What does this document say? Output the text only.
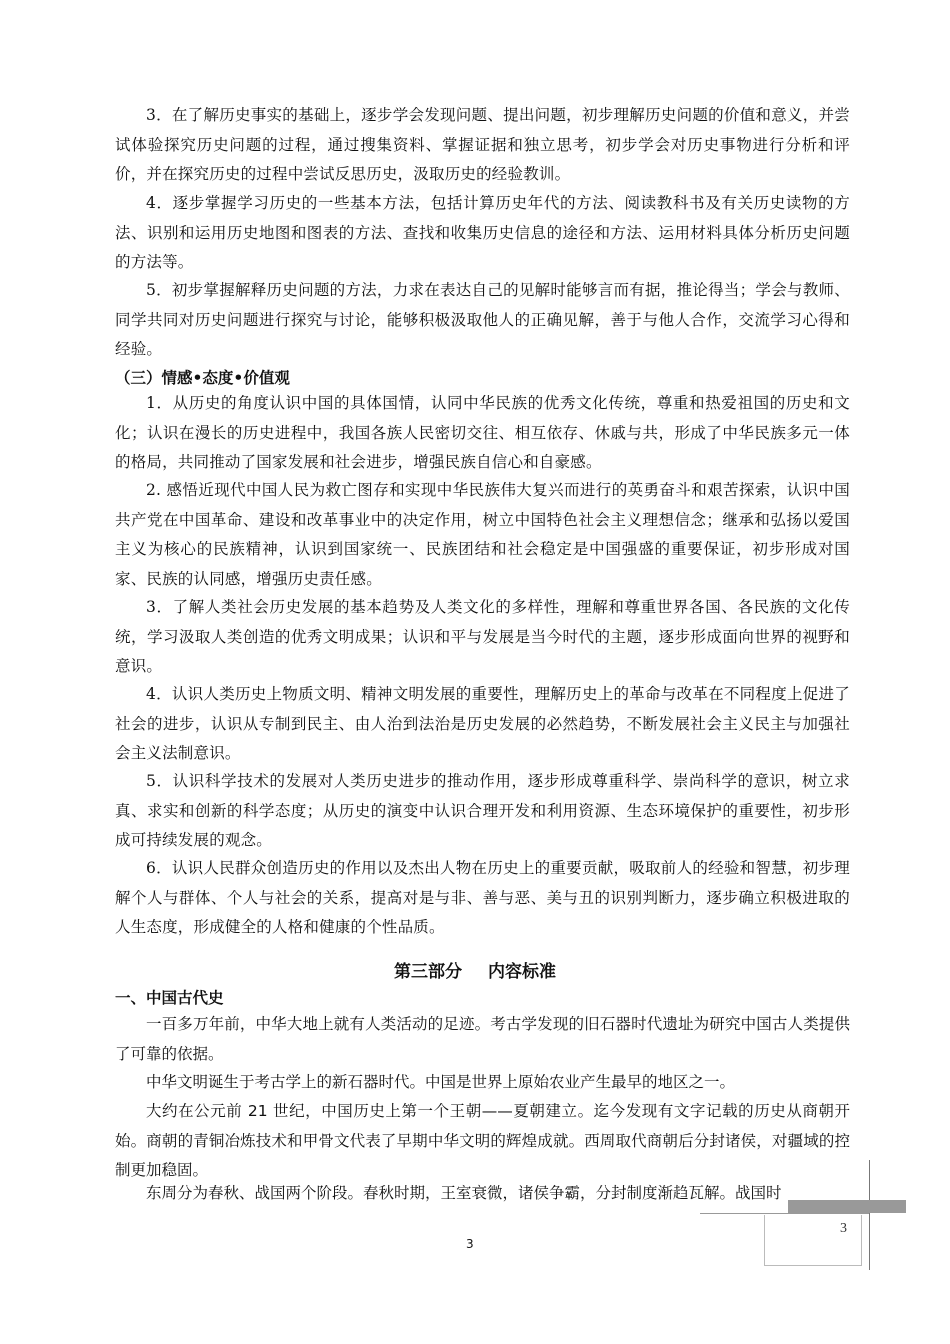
3．在了解历史事实的基础上，逐步学会发现问题、提出问题，初步理解历史问题的价值和意义，并尝试体验探究历史问题的过程，通过搜集资料、掌握证据和独立思考，初步学会对历史事物进行分析和评价，并在探究历史的过程中尝试反思历史，汲取历史的经验教训。

4．逐步掌握学习历史的一些基本方法，包括计算历史年代的方法、阅读教科书及有关历史读物的方法、识别和运用历史地图和图表的方法、查找和收集历史信息的途径和方法、运用材料具体分析历史问题的方法等。

5．初步掌握解释历史问题的方法，力求在表达自己的见解时能够言而有据，推论得当；学会与教师、同学共同对历史问题进行探究与讨论，能够积极汲取他人的正确见解，善于与他人合作，交流学习心得和经验。

（三）情感•态度•价值观

1．从历史的角度认识中国的具体国情，认同中华民族的优秀文化传统，尊重和热爱祖国的历史和文化；认识在漫长的历史进程中，我国各族人民密切交往、相互依存、休戚与共，形成了中华民族多元一体的格局，共同推动了国家发展和社会进步，增强民族自信心和自豪感。

2. 感悟近现代中国人民为救亡图存和实现中华民族伟大复兴而进行的英勇奋斗和艰苦探索，认识中国共产党在中国革命、建设和改革事业中的决定作用，树立中国特色社会主义理想信念；继承和弘扬以爱国主义为核心的民族精神，认识到国家统一、民族团结和社会稳定是中国强盛的重要保证，初步形成对国家、民族的认同感，增强历史责任感。

3．了解人类社会历史发展的基本趋势及人类文化的多样性，理解和尊重世界各国、各民族的文化传统，学习汲取人类创造的优秀文明成果；认识和平与发展是当今时代的主题，逐步形成面向世界的视野和意识。

4．认识人类历史上物质文明、精神文明发展的重要性，理解历史上的革命与改革在不同程度上促进了社会的进步，认识从专制到民主、由人治到法治是历史发展的必然趋势，不断发展社会主义民主与加强社会主义法制意识。

5．认识科学技术的发展对人类历史进步的推动作用，逐步形成尊重科学、崇尚科学的意识，树立求真、求实和创新的科学态度；从历史的演变中认识合理开发和利用资源、生态环境保护的重要性，初步形成可持续发展的观念。

6．认识人民群众创造历史的作用以及杰出人物在历史上的重要贡献，吸取前人的经验和智慧，初步理解个人与群体、个人与社会的关系，提高对是与非、善与恶、美与丑的识别判断力，逐步确立积极进取的人生态度，形成健全的人格和健康的个性品质。

第三部分 内容标准

一、中国古代史

一百多万年前，中华大地上就有人类活动的足迹。考古学发现的旧石器时代遗址为研究中国古人类提供了可靠的依据。

中华文明诞生于考古学上的新石器时代。中国是世界上原始农业产生最早的地区之一。

大约在公元前 21 世纪，中国历史上第一个王朝——夏朝建立。迄今发现有文字记载的历史从商朝开始。商朝的青铜冶炼技术和甲骨文代表了早期中华文明的辉煌成就。西周取代商朝后分封诸侯，对疆域的控制更加稳固。

东周分为春秋、战国两个阶段。春秋时期，王室衰微，诸侯争霸，分封制度渐趋瓦解。战国时

3
3
